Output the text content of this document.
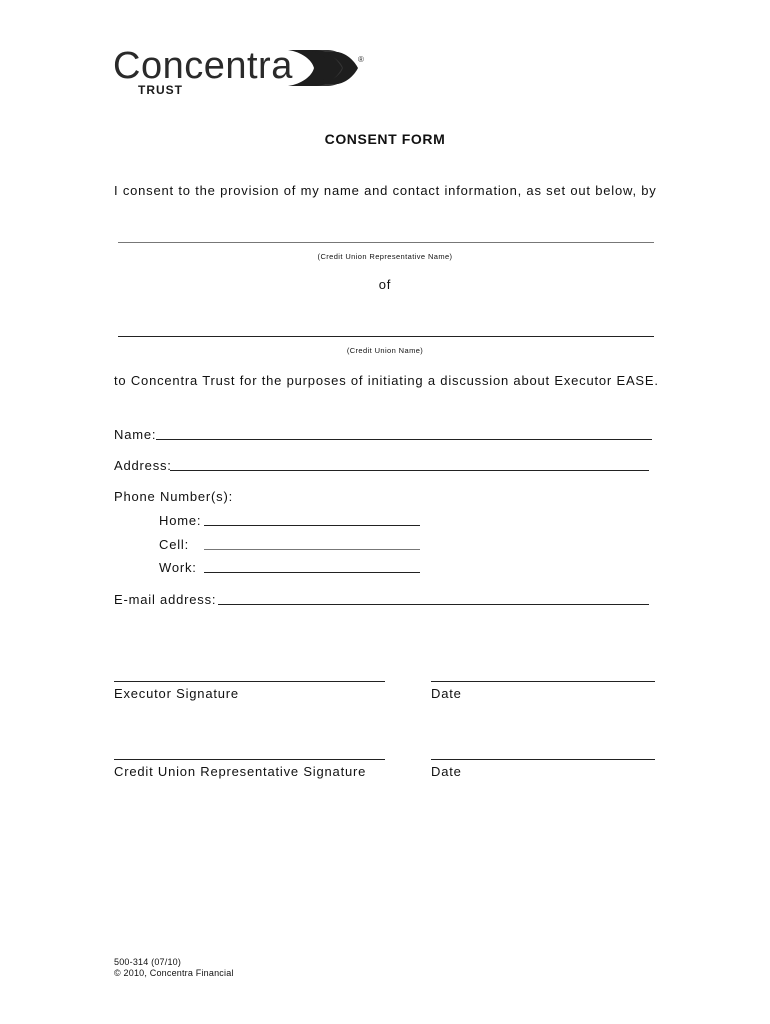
Concentra
TRUST
®
CONSENT FORM
I consent to the provision of my name and contact information, as set out below, by
(Credit Union Representative Name)
of
(Credit Union Name)
to Concentra Trust for the purposes of initiating a discussion about Executor EASE.
Name:
Address:
Phone Number(s):
Home:
Cell:
Work:
E-mail address:
Executor Signature	Date
Credit Union Representative Signature	Date
500-314 (07/10)
© 2010, Concentra Financial
